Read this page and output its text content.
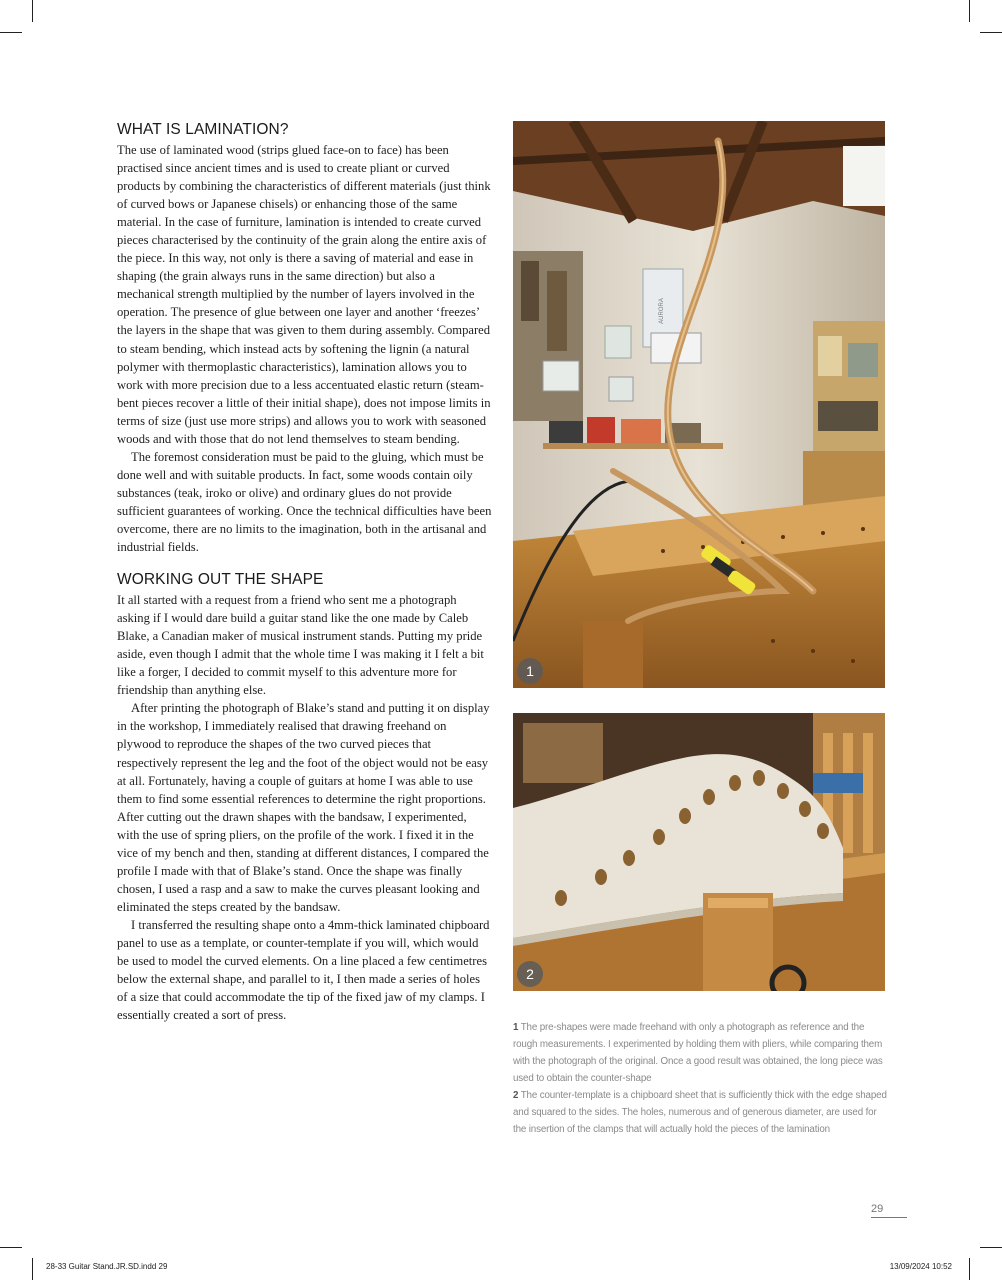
WHAT IS LAMINATION?

The use of laminated wood (strips glued face-on to face) has been practised since ancient times and is used to create pliant or curved products by combining the characteristics of different materials (just think of curved bows or Japanese chisels) or enhancing those of the same material. In the case of furniture, lamination is intended to create curved pieces characterised by the continuity of the grain along the entire axis of the piece. In this way, not only is there a saving of material and ease in shaping (the grain always runs in the same direction) but also a mechanical strength multiplied by the number of layers involved in the operation. The presence of glue between one layer and another ‘freezes’ the layers in the shape that was given to them during assembly. Compared to steam bending, which instead acts by softening the lignin (a natural polymer with thermoplastic characteristics), lamination allows you to work with more precision due to a less accentuated elastic return (steam-bent pieces recover a little of their initial shape), does not impose limits in terms of size (just use more strips) and allows you to work with seasoned woods and with those that do not lend themselves to steam bending.

The foremost consideration must be paid to the gluing, which must be done well and with suitable products. In fact, some woods contain oily substances (teak, iroko or olive) and ordinary glues do not provide sufficient guarantees of working. Once the technical difficulties have been overcome, there are no limits to the imagination, both in the artisanal and industrial fields.

WORKING OUT THE SHAPE

It all started with a request from a friend who sent me a photograph asking if I would dare build a guitar stand like the one made by Caleb Blake, a Canadian maker of musical instrument stands. Putting my pride aside, even though I admit that the whole time I was making it I felt a bit like a forger, I decided to commit myself to this adventure more for friendship than anything else.

After printing the photograph of Blake’s stand and putting it on display in the workshop, I immediately realised that drawing freehand on plywood to reproduce the shapes of the two curved pieces that respectively represent the leg and the foot of the object would not be easy at all. Fortunately, having a couple of guitars at home I was able to use them to find some essential references to determine the right proportions. After cutting out the drawn shapes with the bandsaw, I experimented, with the use of spring pliers, on the profile of the work. I fixed it in the vice of my bench and then, standing at different distances, I compared the profile I made with that of Blake’s stand. Once the shape was finally chosen, I used a rasp and a saw to make the curves pleasant looking and eliminated the steps created by the bandsaw.

I transferred the resulting shape onto a 4mm-thick laminated chipboard panel to use as a template, or counter-template if you will, which would be used to model the curved elements. On a line placed a few centimetres below the external shape, and parallel to it, I then made a series of holes of a size that could accommodate the tip of the fixed jaw of my clamps. I essentially created a sort of press.

AURORA
1
2
1 The pre-shapes were made freehand with only a photograph as reference and the rough measurements. I experimented by holding them with pliers, while comparing them with the photograph of the original. Once a good result was obtained, the long piece was used to obtain the counter-shape
2 The counter-template is a chipboard sheet that is sufficiently thick with the edge shaped and squared to the sides. The holes, numerous and of generous diameter, are used for the insertion of the clamps that will actually hold the pieces of the lamination
29
28-33 Guitar Stand.JR.SD.indd 29	13/09/2024 10:52
